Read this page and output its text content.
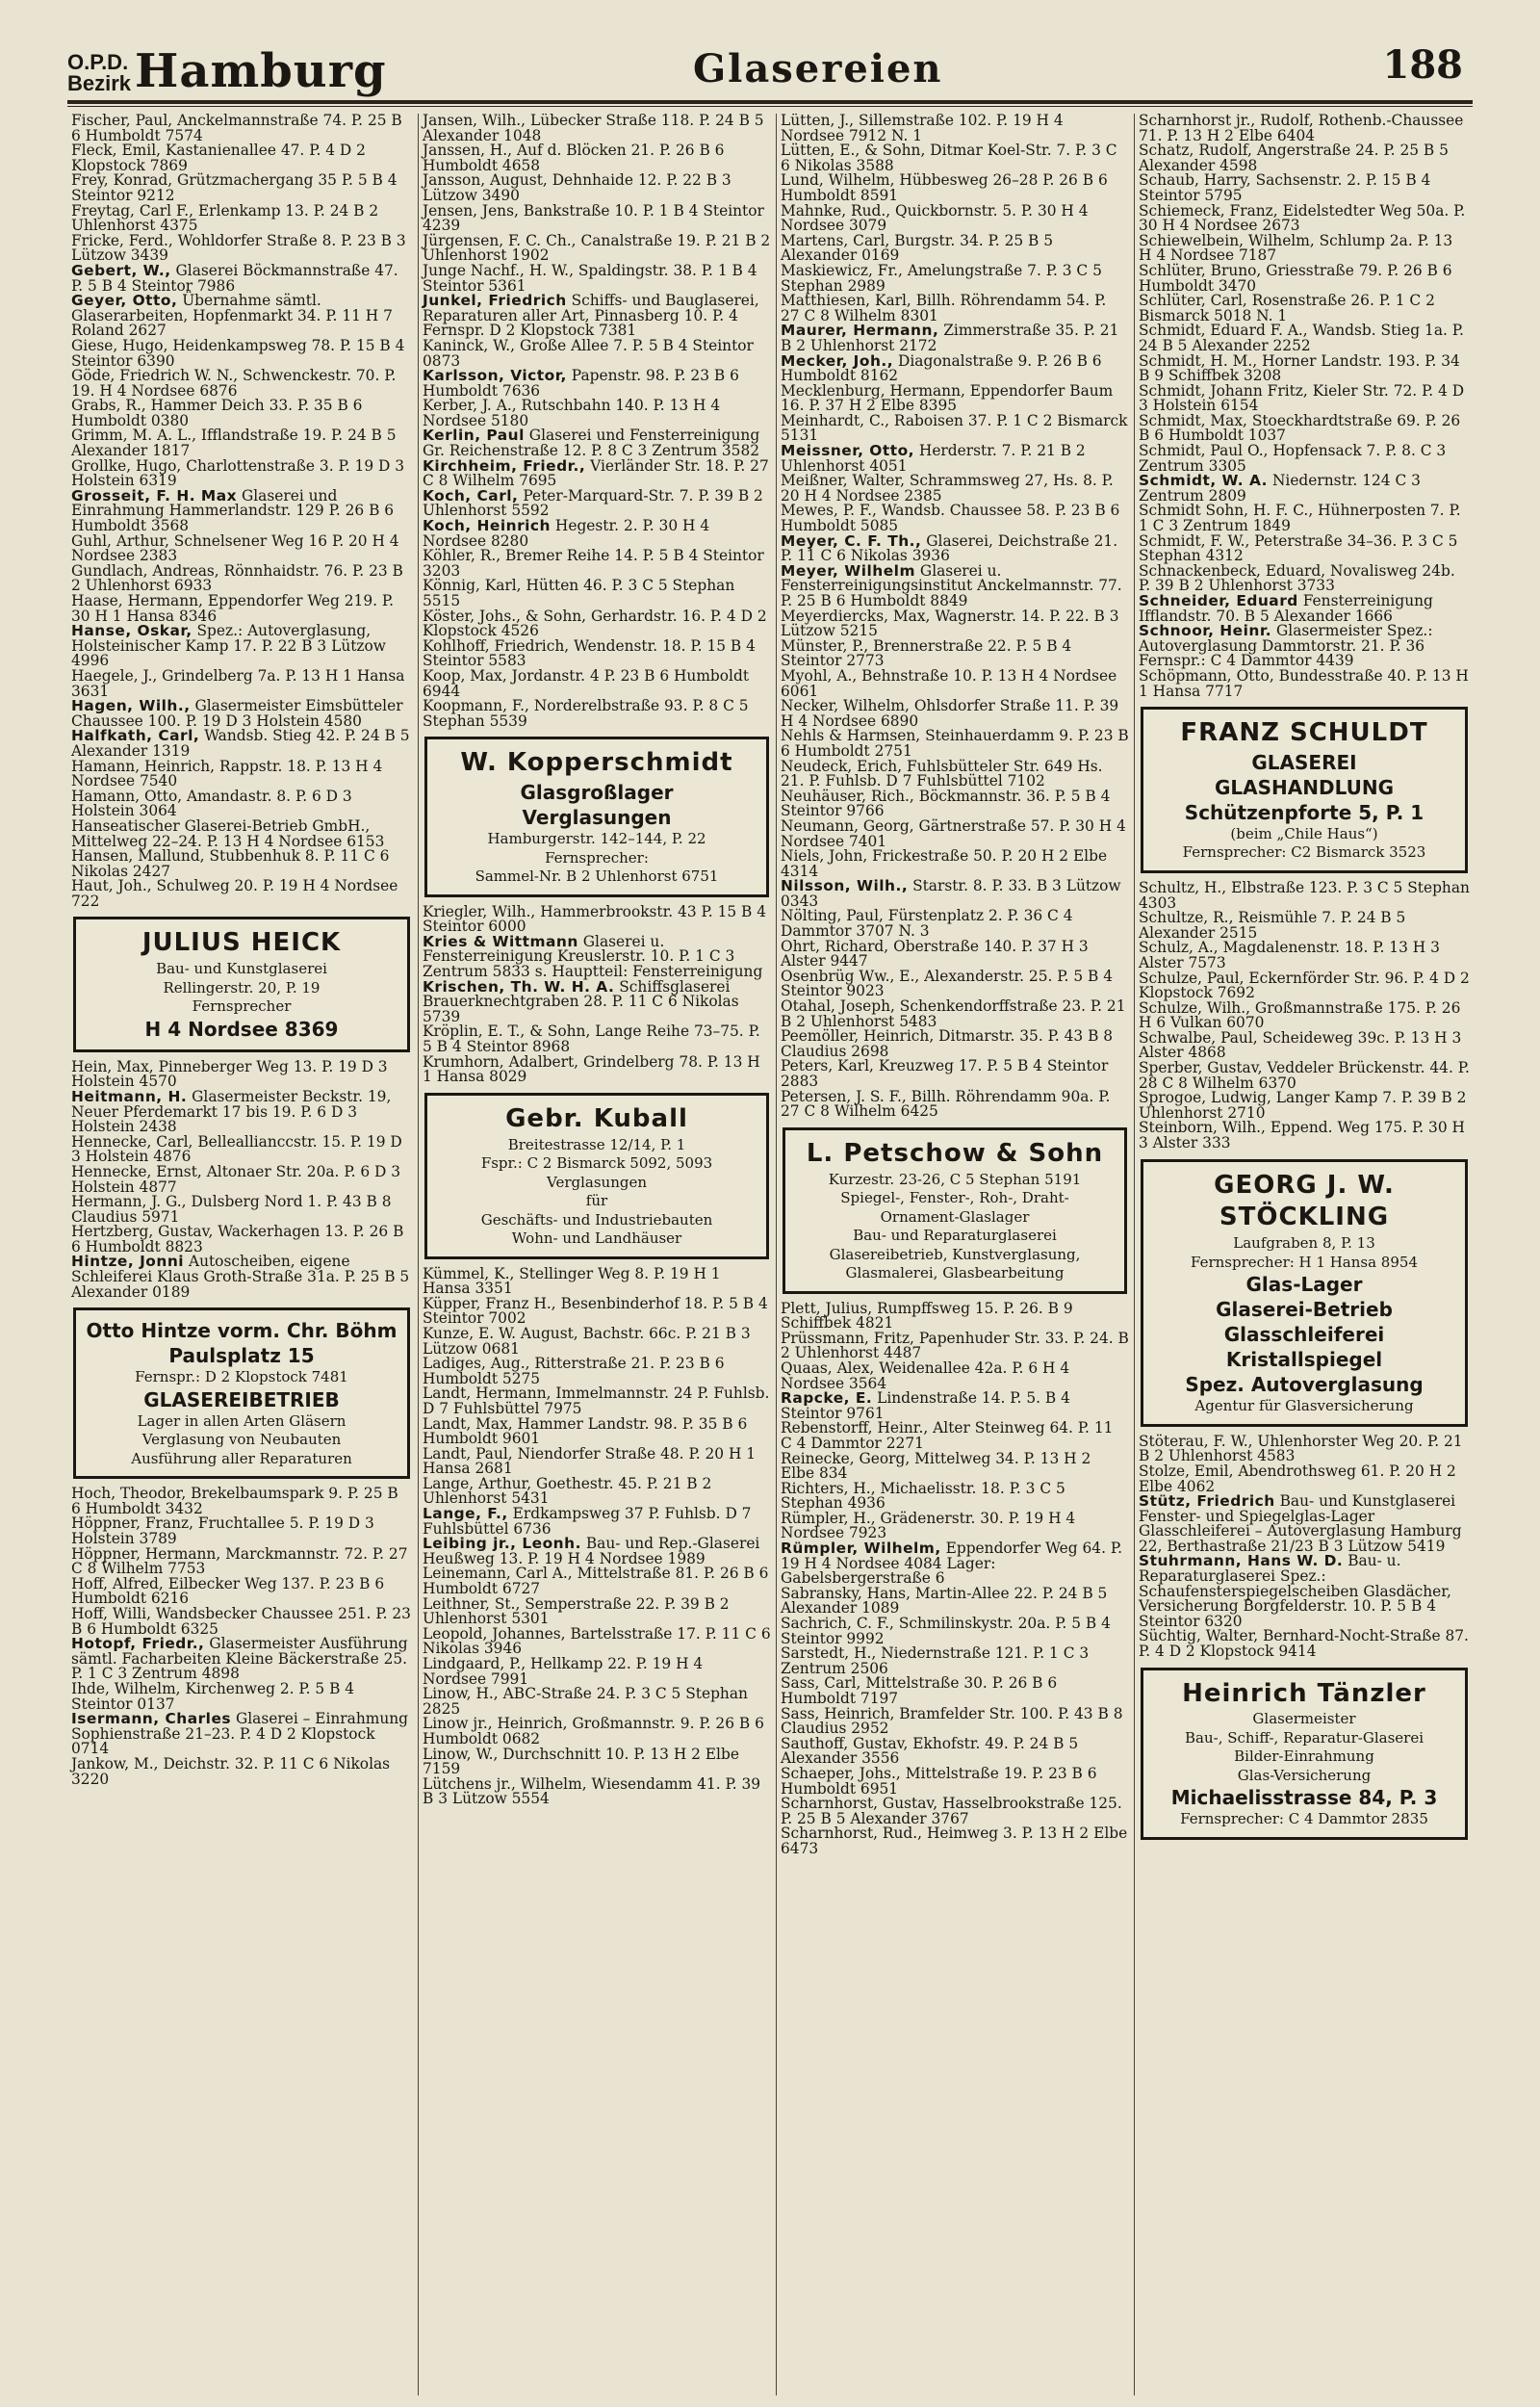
O.P.D.
Bezirk Hamburg	Glasereien	188
Fischer, Paul, Anckelmannstraße 74. P. 25 B 6 Humboldt 7574
Fleck, Emil, Kastanienallee 47. P. 4 D 2 Klopstock 7869
Frey, Konrad, Grützmachergang 35 P. 5 B 4 Steintor 9212
Freytag, Carl F., Erlenkamp 13. P. 24 B 2 Uhlenhorst 4375
Fricke, Ferd., Wohldorfer Straße 8. P. 23 B 3 Lützow 3439
Gebert, W., Glaserei Böckmannstraße 47. P. 5 B 4 Steintor 7986
Geyer, Otto, Übernahme sämtl. Glaserarbeiten, Hopfenmarkt 34. P. 11 H 7 Roland 2627
Giese, Hugo, Heidenkampsweg 78. P. 15 B 4 Steintor 6390
Göde, Friedrich W. N., Schwenckestr. 70. P. 19. H 4 Nordsee 6876
Grabs, R., Hammer Deich 33. P. 35 B 6 Humboldt 0380
Grimm, M. A. L., Ifflandstraße 19. P. 24 B 5 Alexander 1817
Grollke, Hugo, Charlottenstraße 3. P. 19 D 3 Holstein 6319
Grosseit, F. H. Max Glaserei und Einrahmung Hammerlandstr. 129 P. 26 B 6 Humboldt 3568
Guhl, Arthur, Schnelsener Weg 16 P. 20 H 4 Nordsee 2383
Gundlach, Andreas, Rönnhaidstr. 76. P. 23 B 2 Uhlenhorst 6933
Haase, Hermann, Eppendorfer Weg 219. P. 30 H 1 Hansa 8346
Hanse, Oskar, Spez.: Autoverglasung, Holsteinischer Kamp 17. P. 22 B 3 Lützow 4996
Haegele, J., Grindelberg 7a. P. 13 H 1 Hansa 3631
Hagen, Wilh., Glasermeister Eimsbütteler Chaussee 100. P. 19 D 3 Holstein 4580
Halfkath, Carl, Wandsb. Stieg 42. P. 24 B 5 Alexander 1319
Hamann, Heinrich, Rappstr. 18. P. 13 H 4 Nordsee 7540
Hamann, Otto, Amandastr. 8. P. 6 D 3 Holstein 3064
Hanseatischer Glaserei-Betrieb GmbH., Mittelweg 22–24. P. 13 H 4 Nordsee 6153
Hansen, Mallund, Stubbenhuk 8. P. 11 C 6 Nikolas 2427
Haut, Joh., Schulweg 20. P. 19 H 4 Nordsee 722
JULIUS HEICK
Bau- und Kunstglaserei
Rellingerstr. 20, P. 19
Fernsprecher
H 4 Nordsee 8369
Hein, Max, Pinneberger Weg 13. P. 19 D 3 Holstein 4570
Heitmann, H. Glasermeister Beckstr. 19, Neuer Pferdemarkt 17 bis 19. P. 6 D 3 Holstein 2438
Hennecke, Carl, Belleallianccstr. 15. P. 19 D 3 Holstein 4876
Hennecke, Ernst, Altonaer Str. 20a. P. 6 D 3 Holstein 4877
Hermann, J. G., Dulsberg Nord 1. P. 43 B 8 Claudius 5971
Hertzberg, Gustav, Wackerhagen 13. P. 26 B 6 Humboldt 8823
Hintze, Jonni Autoscheiben, eigene Schleiferei Klaus Groth-Straße 31a. P. 25 B 5 Alexander 0189
Otto Hintze vorm. Chr. Böhm
Paulsplatz 15
Fernspr.: D 2 Klopstock 7481
GLASEREIBETRIEB
Lager in allen Arten Gläsern
Verglasung von Neubauten
Ausführung aller Reparaturen
Hoch, Theodor, Brekelbaumspark 9. P. 25 B 6 Humboldt 3432
Höppner, Franz, Fruchtallee 5. P. 19 D 3 Holstein 3789
Höppner, Hermann, Marckmannstr. 72. P. 27 C 8 Wilhelm 7753
Hoff, Alfred, Eilbecker Weg 137. P. 23 B 6 Humboldt 6216
Hoff, Willi, Wandsbecker Chaussee 251. P. 23 B 6 Humboldt 6325
Hotopf, Friedr., Glasermeister Ausführung sämtl. Facharbeiten Kleine Bäckerstraße 25. P. 1 C 3 Zentrum 4898
Ihde, Wilhelm, Kirchenweg 2. P. 5 B 4 Steintor 0137
Isermann, Charles Glaserei – Einrahmung Sophienstraße 21–23. P. 4 D 2 Klopstock 0714
Jankow, M., Deichstr. 32. P. 11 C 6 Nikolas 3220
Jansen, Wilh., Lübecker Straße 118. P. 24 B 5 Alexander 1048
Janssen, H., Auf d. Blöcken 21. P. 26 B 6 Humboldt 4658
Jansson, August, Dehnhaide 12. P. 22 B 3 Lützow 3490
Jensen, Jens, Bankstraße 10. P. 1 B 4 Steintor 4239
Jürgensen, F. C. Ch., Canalstraße 19. P. 21 B 2 Uhlenhorst 1902
Junge Nachf., H. W., Spaldingstr. 38. P. 1 B 4 Steintor 5361
Junkel, Friedrich Schiffs- und Bauglaserei, Reparaturen aller Art, Pinnasberg 10. P. 4 Fernspr. D 2 Klopstock 7381
Kaninck, W., Große Allee 7. P. 5 B 4 Steintor 0873
Karlsson, Victor, Papenstr. 98. P. 23 B 6 Humboldt 7636
Kerber, J. A., Rutschbahn 140. P. 13 H 4 Nordsee 5180
Kerlin, Paul Glaserei und Fensterreinigung Gr. Reichenstraße 12. P. 8 C 3 Zentrum 3582
Kirchheim, Friedr., Vierländer Str. 18. P. 27 C 8 Wilhelm 7695
Koch, Carl, Peter-Marquard-Str. 7. P. 39 B 2 Uhlenhorst 5592
Koch, Heinrich Hegestr. 2. P. 30 H 4 Nordsee 8280
Köhler, R., Bremer Reihe 14. P. 5 B 4 Steintor 3203
Könnig, Karl, Hütten 46. P. 3 C 5 Stephan 5515
Köster, Johs., & Sohn, Gerhardstr. 16. P. 4 D 2 Klopstock 4526
Kohlhoff, Friedrich, Wendenstr. 18. P. 15 B 4 Steintor 5583
Koop, Max, Jordanstr. 4 P. 23 B 6 Humboldt 6944
Koopmann, F., Norderelbstraße 93. P. 8 C 5 Stephan 5539
W. Kopperschmidt
Glasgroßlager
Verglasungen
Hamburgerstr. 142–144, P. 22
Fernsprecher:
Sammel-Nr. B 2 Uhlenhorst 6751
Kriegler, Wilh., Hammerbrookstr. 43 P. 15 B 4 Steintor 6000
Kries & Wittmann Glaserei u. Fensterreinigung Kreuslerstr. 10. P. 1 C 3 Zentrum 5833 s. Hauptteil: Fensterreinigung
Krischen, Th. W. H. A. Schiffsglaserei Brauerknechtgraben 28. P. 11 C 6 Nikolas 5739
Kröplin, E. T., & Sohn, Lange Reihe 73–75. P. 5 B 4 Steintor 8968
Krumhorn, Adalbert, Grindelberg 78. P. 13 H 1 Hansa 8029
Gebr. Kuball
Breitestrasse 12/14, P. 1
Fspr.: C 2 Bismarck 5092, 5093
Verglasungen
für
Geschäfts- und Industriebauten
Wohn- und Landhäuser
Kümmel, K., Stellinger Weg 8. P. 19 H 1 Hansa 3351
Küpper, Franz H., Besenbinderhof 18. P. 5 B 4 Steintor 7002
Kunze, E. W. August, Bachstr. 66c. P. 21 B 3 Lützow 0681
Ladiges, Aug., Ritterstraße 21. P. 23 B 6 Humboldt 5275
Landt, Hermann, Immelmannstr. 24 P. Fuhlsb. D 7 Fuhlsbüttel 7975
Landt, Max, Hammer Landstr. 98. P. 35 B 6 Humboldt 9601
Landt, Paul, Niendorfer Straße 48. P. 20 H 1 Hansa 2681
Lange, Arthur, Goethestr. 45. P. 21 B 2 Uhlenhorst 5431
Lange, F., Erdkampsweg 37 P. Fuhlsb. D 7 Fuhlsbüttel 6736
Leibing jr., Leonh. Bau- und Rep.-Glaserei Heußweg 13. P. 19 H 4 Nordsee 1989
Leinemann, Carl A., Mittelstraße 81. P. 26 B 6 Humboldt 6727
Leithner, St., Semperstraße 22. P. 39 B 2 Uhlenhorst 5301
Leopold, Johannes, Bartelsstraße 17. P. 11 C 6 Nikolas 3946
Lindgaard, P., Hellkamp 22. P. 19 H 4 Nordsee 7991
Linow, H., ABC-Straße 24. P. 3 C 5 Stephan 2825
Linow jr., Heinrich, Großmannstr. 9. P. 26 B 6 Humboldt 0682
Linow, W., Durchschnitt 10. P. 13 H 2 Elbe 7159
Lütchens jr., Wilhelm, Wiesendamm 41. P. 39 B 3 Lützow 5554
Lütten, J., Sillemstraße 102. P. 19 H 4 Nordsee 7912 N. 1
Lütten, E., & Sohn, Ditmar Koel-Str. 7. P. 3 C 6 Nikolas 3588
Lund, Wilhelm, Hübbesweg 26–28 P. 26 B 6 Humboldt 8591
Mahnke, Rud., Quickbornstr. 5. P. 30 H 4 Nordsee 3079
Martens, Carl, Burgstr. 34. P. 25 B 5 Alexander 0169
Maskiewicz, Fr., Amelungstraße 7. P. 3 C 5 Stephan 2989
Matthiesen, Karl, Billh. Röhrendamm 54. P. 27 C 8 Wilhelm 8301
Maurer, Hermann, Zimmerstraße 35. P. 21 B 2 Uhlenhorst 2172
Mecker, Joh., Diagonalstraße 9. P. 26 B 6 Humboldt 8162
Mecklenburg, Hermann, Eppendorfer Baum 16. P. 37 H 2 Elbe 8395
Meinhardt, C., Raboisen 37. P. 1 C 2 Bismarck 5131
Meissner, Otto, Herderstr. 7. P. 21 B 2 Uhlenhorst 4051
Meißner, Walter, Schrammsweg 27, Hs. 8. P. 20 H 4 Nordsee 2385
Mewes, P. F., Wandsb. Chaussee 58. P. 23 B 6 Humboldt 5085
Meyer, C. F. Th., Glaserei, Deichstraße 21. P. 11 C 6 Nikolas 3936
Meyer, Wilhelm Glaserei u. Fensterreinigungsinstitut Anckelmannstr. 77. P. 25 B 6 Humboldt 8849
Meyerdiercks, Max, Wagnerstr. 14. P. 22. B 3 Lützow 5215
Münster, P., Brennerstraße 22. P. 5 B 4 Steintor 2773
Myohl, A., Behnstraße 10. P. 13 H 4 Nordsee 6061
Necker, Wilhelm, Ohlsdorfer Straße 11. P. 39 H 4 Nordsee 6890
Nehls & Harmsen, Steinhauerdamm 9. P. 23 B 6 Humboldt 2751
Neudeck, Erich, Fuhlsbütteler Str. 649 Hs. 21. P. Fuhlsb. D 7 Fuhlsbüttel 7102
Neuhäuser, Rich., Böckmannstr. 36. P. 5 B 4 Steintor 9766
Neumann, Georg, Gärtnerstraße 57. P. 30 H 4 Nordsee 7401
Niels, John, Frickestraße 50. P. 20 H 2 Elbe 4314
Nilsson, Wilh., Starstr. 8. P. 33. B 3 Lützow 0343
Nölting, Paul, Fürstenplatz 2. P. 36 C 4 Dammtor 3707 N. 3
Ohrt, Richard, Oberstraße 140. P. 37 H 3 Alster 9447
Osenbrüg Ww., E., Alexanderstr. 25. P. 5 B 4 Steintor 9023
Otahal, Joseph, Schenkendorffstraße 23. P. 21 B 2 Uhlenhorst 5483
Peemöller, Heinrich, Ditmarstr. 35. P. 43 B 8 Claudius 2698
Peters, Karl, Kreuzweg 17. P. 5 B 4 Steintor 2883
Petersen, J. S. F., Billh. Röhrendamm 90a. P. 27 C 8 Wilhelm 6425
L. Petschow & Sohn
Kurzestr. 23-26, C 5 Stephan 5191
Spiegel-, Fenster-, Roh-, Draht-
Ornament-Glaslager
Bau- und Reparaturglaserei
Glasereibetrieb, Kunstverglasung,
Glasmalerei, Glasbearbeitung
Plett, Julius, Rumpffsweg 15. P. 26. B 9 Schiffbek 4821
Prüssmann, Fritz, Papenhuder Str. 33. P. 24. B 2 Uhlenhorst 4487
Quaas, Alex, Weidenallee 42a. P. 6 H 4 Nordsee 3564
Rapcke, E. Lindenstraße 14. P. 5. B 4 Steintor 9761
Rebenstorff, Heinr., Alter Steinweg 64. P. 11 C 4 Dammtor 2271
Reinecke, Georg, Mittelweg 34. P. 13 H 2 Elbe 834
Richters, H., Michaelisstr. 18. P. 3 C 5 Stephan 4936
Rümpler, H., Grädenerstr. 30. P. 19 H 4 Nordsee 7923
Rümpler, Wilhelm, Eppendorfer Weg 64. P. 19 H 4 Nordsee 4084 Lager: Gabelsbergerstraße 6
Sabransky, Hans, Martin-Allee 22. P. 24 B 5 Alexander 1089
Sachrich, C. F., Schmilinskystr. 20a. P. 5 B 4 Steintor 9992
Sarstedt, H., Niedernstraße 121. P. 1 C 3 Zentrum 2506
Sass, Carl, Mittelstraße 30. P. 26 B 6 Humboldt 7197
Sass, Heinrich, Bramfelder Str. 100. P. 43 B 8 Claudius 2952
Sauthoff, Gustav, Ekhofstr. 49. P. 24 B 5 Alexander 3556
Schaeper, Johs., Mittelstraße 19. P. 23 B 6 Humboldt 6951
Scharnhorst, Gustav, Hasselbrookstraße 125. P. 25 B 5 Alexander 3767
Scharnhorst, Rud., Heimweg 3. P. 13 H 2 Elbe 6473
Scharnhorst jr., Rudolf, Rothenb.-Chaussee 71. P. 13 H 2 Elbe 6404
Schatz, Rudolf, Angerstraße 24. P. 25 B 5 Alexander 4598
Schaub, Harry, Sachsenstr. 2. P. 15 B 4 Steintor 5795
Schiemeck, Franz, Eidelstedter Weg 50a. P. 30 H 4 Nordsee 2673
Schiewelbein, Wilhelm, Schlump 2a. P. 13 H 4 Nordsee 7187
Schlüter, Bruno, Griesstraße 79. P. 26 B 6 Humboldt 3470
Schlüter, Carl, Rosenstraße 26. P. 1 C 2 Bismarck 5018 N. 1
Schmidt, Eduard F. A., Wandsb. Stieg 1a. P. 24 B 5 Alexander 2252
Schmidt, H. M., Horner Landstr. 193. P. 34 B 9 Schiffbek 3208
Schmidt, Johann Fritz, Kieler Str. 72. P. 4 D 3 Holstein 6154
Schmidt, Max, Stoeckhardtstraße 69. P. 26 B 6 Humboldt 1037
Schmidt, Paul O., Hopfensack 7. P. 8. C 3 Zentrum 3305
Schmidt, W. A. Niedernstr. 124 C 3 Zentrum 2809
Schmidt Sohn, H. F. C., Hühnerposten 7. P. 1 C 3 Zentrum 1849
Schmidt, F. W., Peterstraße 34–36. P. 3 C 5 Stephan 4312
Schnackenbeck, Eduard, Novalisweg 24b. P. 39 B 2 Uhlenhorst 3733
Schneider, Eduard Fensterreinigung Ifflandstr. 70. B 5 Alexander 1666
Schnoor, Heinr. Glasermeister Spez.: Autoverglasung Dammtorstr. 21. P. 36 Fernspr.: C 4 Dammtor 4439
Schöpmann, Otto, Bundesstraße 40. P. 13 H 1 Hansa 7717
FRANZ SCHULDT
GLASEREI
GLASHANDLUNG
Schützenpforte 5, P. 1
(beim „Chile Haus“)
Fernsprecher: C2 Bismarck 3523
Schultz, H., Elbstraße 123. P. 3 C 5 Stephan 4303
Schultze, R., Reismühle 7. P. 24 B 5 Alexander 2515
Schulz, A., Magdalenenstr. 18. P. 13 H 3 Alster 7573
Schulze, Paul, Eckernförder Str. 96. P. 4 D 2 Klopstock 7692
Schulze, Wilh., Großmannstraße 175. P. 26 H 6 Vulkan 6070
Schwalbe, Paul, Scheideweg 39c. P. 13 H 3 Alster 4868
Sperber, Gustav, Veddeler Brückenstr. 44. P. 28 C 8 Wilhelm 6370
Sprogoe, Ludwig, Langer Kamp 7. P. 39 B 2 Uhlenhorst 2710
Steinborn, Wilh., Eppend. Weg 175. P. 30 H 3 Alster 333
GEORG J. W. STÖCKLING
Laufgraben 8, P. 13
Fernsprecher: H 1 Hansa 8954
Glas-Lager
Glaserei-Betrieb
Glasschleiferei
Kristallspiegel
Spez. Autoverglasung
Agentur für Glasversicherung
Stöterau, F. W., Uhlenhorster Weg 20. P. 21 B 2 Uhlenhorst 4583
Stolze, Emil, Abendrothsweg 61. P. 20 H 2 Elbe 4062
Stütz, Friedrich Bau- und Kunstglaserei Fenster- und Spiegelglas-Lager Glasschleiferei – Autoverglasung Hamburg 22, Berthastraße 21/23 B 3 Lützow 5419
Stuhrmann, Hans W. D. Bau- u. Reparaturglaserei Spez.: Schaufensterspiegelscheiben Glasdächer, Versicherung Borgfelderstr. 10. P. 5 B 4 Steintor 6320
Süchtig, Walter, Bernhard-Nocht-Straße 87. P. 4 D 2 Klopstock 9414
Heinrich Tänzler
Glasermeister
Bau-, Schiff-, Reparatur-Glaserei
Bilder-Einrahmung
Glas-Versicherung
Michaelisstrasse 84, P. 3
Fernsprecher: C 4 Dammtor 2835
